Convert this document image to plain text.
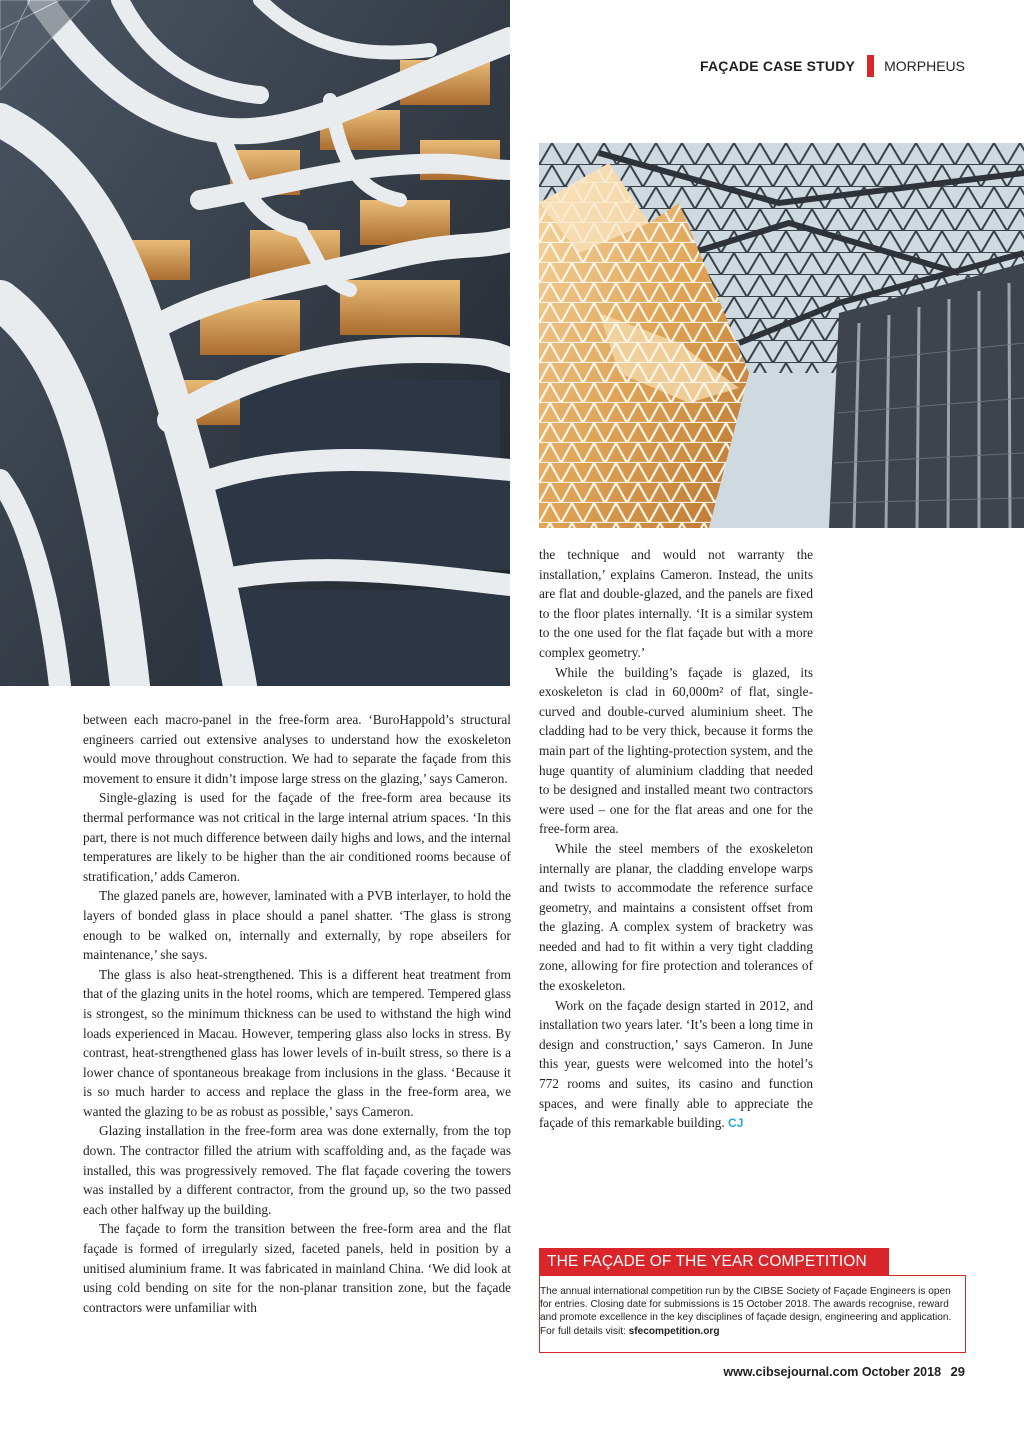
FAÇADE CASE STUDY MORPHEUS

between each macro-panel in the free-form area. ‘BuroHappold’s structural engineers carried out extensive analyses to understand how the exoskeleton would move throughout construction. We had to separate the façade from this movement to ensure it didn’t impose large stress on the glazing,’ says Cameron.

Single-glazing is used for the façade of the free-form area because its thermal performance was not critical in the large internal atrium spaces. ‘In this part, there is not much difference between daily highs and lows, and the internal temperatures are likely to be higher than the air conditioned rooms because of stratification,’ adds Cameron.

The glazed panels are, however, laminated with a PVB interlayer, to hold the layers of bonded glass in place should a panel shatter. ‘The glass is strong enough to be walked on, internally and externally, by rope abseilers for maintenance,’ she says.

The glass is also heat-strengthened. This is a different heat treatment from that of the glazing units in the hotel rooms, which are tempered. Tempered glass is strongest, so the minimum thickness can be used to withstand the high wind loads experienced in Macau. However, tempering glass also locks in stress. By contrast, heat-strengthened glass has lower levels of in-built stress, so there is a lower chance of spontaneous breakage from inclusions in the glass. ‘Because it is so much harder to access and replace the glass in the free-form area, we wanted the glazing to be as robust as possible,’ says Cameron.

Glazing installation in the free-form area was done externally, from the top down. The contractor filled the atrium with scaffolding and, as the façade was installed, this was progressively removed. The flat façade covering the towers was installed by a different contractor, from the ground up, so the two passed each other halfway up the building.

The façade to form the transition between the free-form area and the flat façade is formed of irregularly sized, faceted panels, held in position by a unitised aluminium frame. It was fabricated in mainland China. ‘We did look at using cold bending on site for the non-planar transition zone, but the façade contractors were unfamiliar with

the technique and would not warranty the installation,’ explains Cameron. Instead, the units are flat and double-glazed, and the panels are fixed to the floor plates internally. ‘It is a similar system to the one used for the flat façade but with a more complex geometry.’

While the building’s façade is glazed, its exoskeleton is clad in 60,000m² of flat, single-curved and double-curved aluminium sheet. The cladding had to be very thick, because it forms the main part of the lighting-protection system, and the huge quantity of aluminium cladding that needed to be designed and installed meant two contractors were used – one for the flat areas and one for the free-form area.

While the steel members of the exoskeleton internally are planar, the cladding envelope warps and twists to accommodate the reference surface geometry, and maintains a consistent offset from the glazing. A complex system of bracketry was needed and had to fit within a very tight cladding zone, allowing for fire protection and tolerances of the exoskeleton.

Work on the façade design started in 2012, and installation two years later. ‘It’s been a long time in design and construction,’ says Cameron. In June this year, guests were welcomed into the hotel’s 772 rooms and suites, its casino and function spaces, and were finally able to appreciate the façade of this remarkable building. CJ

THE FAÇADE OF THE YEAR COMPETITION
The annual international competition run by the CIBSE Society of Façade Engineers is open for entries. Closing date for submissions is 15 October 2018. The awards recognise, reward and promote excellence in the key disciplines of façade design, engineering and application. For full details visit: sfecompetition.org
www.cibsejournal.com October 2018 29
